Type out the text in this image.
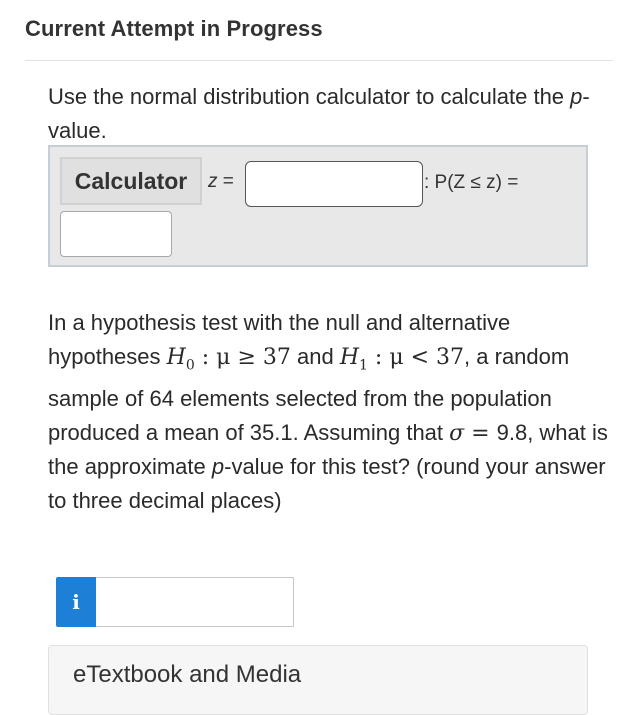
Current Attempt in Progress
Use the normal distribution calculator to calculate the p-value.
Calculator	z =	: P(Z ≤ z) =
In a hypothesis test with the null and alternative hypotheses $H_0$ : μ ≥ 37 and $H_1$ : μ < 37, a random sample of 64 elements selected from the population produced a mean of 35.1. Assuming that σ = 9.8, what is the approximate p-value for this test? (round your answer to three decimal places)
i
eTextbook and Media
